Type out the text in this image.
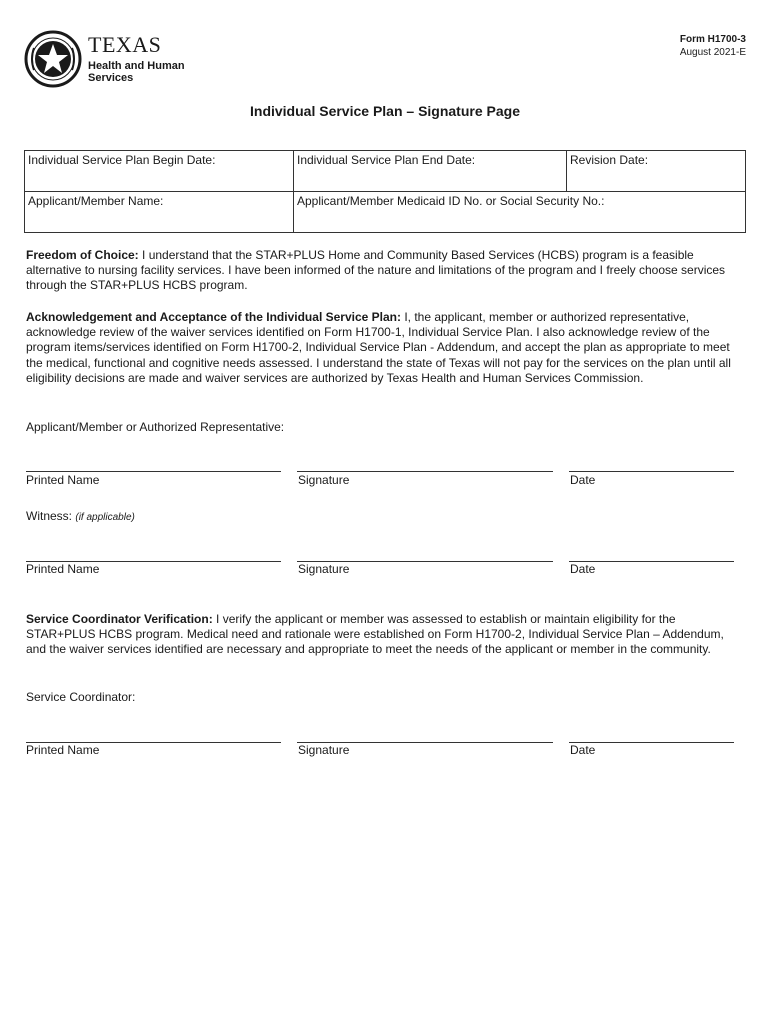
TEXAS
Health and Human
Services
Form H1700-3
August 2021-E
Individual Service Plan – Signature Page
Individual Service Plan Begin Date:	Individual Service Plan End Date:	Revision Date:
Applicant/Member Name:	Applicant/Member Medicaid ID No. or Social Security No.:	
Freedom of Choice: I understand that the STAR+PLUS Home and Community Based Services (HCBS) program is a feasible alternative to nursing facility services. I have been informed of the nature and limitations of the program and I freely choose services through the STAR+PLUS HCBS program.
Acknowledgement and Acceptance of the Individual Service Plan: I, the applicant, member or authorized representative, acknowledge review of the waiver services identified on Form H1700-1, Individual Service Plan. I also acknowledge review of the program items/services identified on Form H1700-2, Individual Service Plan - Addendum, and accept the plan as appropriate to meet the medical, functional and cognitive needs assessed. I understand the state of Texas will not pay for the services on the plan until all eligibility decisions are made and waiver services are authorized by Texas Health and Human Services Commission.
Applicant/Member or Authorized Representative:
Printed Name	Signature	Date
Witness: (if applicable)
Printed Name	Signature	Date
Service Coordinator Verification: I verify the applicant or member was assessed to establish or maintain eligibility for the STAR+PLUS HCBS program. Medical need and rationale were established on Form H1700-2, Individual Service Plan – Addendum, and the waiver services identified are necessary and appropriate to meet the needs of the applicant or member in the community.
Service Coordinator:
Printed Name	Signature	Date
